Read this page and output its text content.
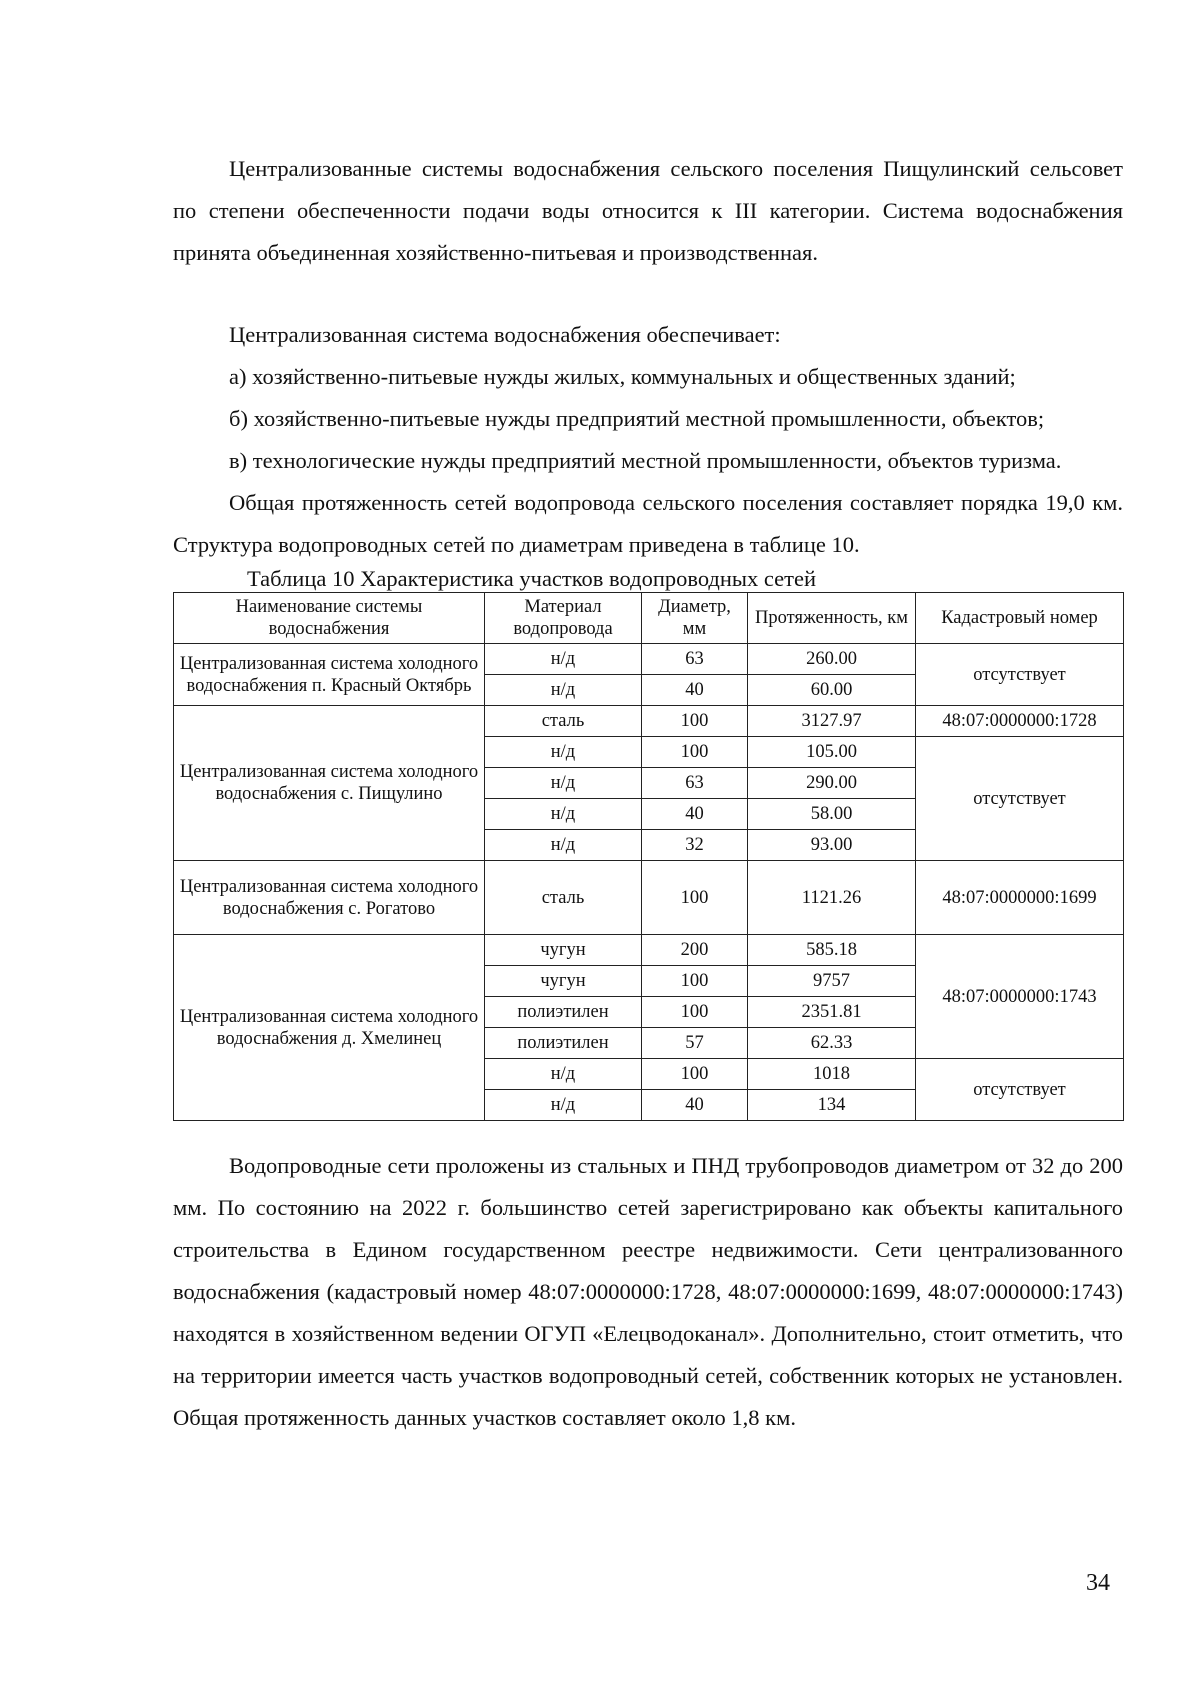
Централизованные системы водоснабжения сельского поселения Пищулинский сельсовет по степени обеспеченности подачи воды относится к III категории. Система водоснабжения принята объединенная хозяйственно-питьевая и производственная.

Централизованная система водоснабжения обеспечивает:

а) хозяйственно-питьевые нужды жилых, коммунальных и общественных зданий;

б) хозяйственно-питьевые нужды предприятий местной промышленности, объектов;

в) технологические нужды предприятий местной промышленности, объектов туризма.

Общая протяженность сетей водопровода сельского поселения составляет порядка 19,0 км. Структура водопроводных сетей по диаметрам приведена в таблице 10.

Таблица 10 Характеристика участков водопроводных сетей

Наименование системы водоснабжения	Материал водопровода	Диаметр, мм	Протяженность, км	Кадастровый номер
Централизованная система холодного водоснабжения п. Красный Октябрь	н/д	63	260.00	отсутствует
	н/д	40	60.00	
Централизованная система холодного водоснабжения с. Пищулино	сталь	100	3127.97	48:07:0000000:1728
	н/д	100	105.00	отсутствует
	н/д	63	290.00	
	н/д	40	58.00	
	н/д	32	93.00	
Централизованная система холодного водоснабжения с. Рогатово	сталь	100	1121.26	48:07:0000000:1699
Централизованная система холодного водоснабжения д. Хмелинец	чугун	200	585.18	48:07:0000000:1743
	чугун	100	9757	
	полиэтилен	100	2351.81	
	полиэтилен	57	62.33	
	н/д	100	1018	отсутствует
	н/д	40	134	

Водопроводные сети проложены из стальных и ПНД трубопроводов диаметром от 32 до 200 мм. По состоянию на 2022 г. большинство сетей зарегистрировано как объекты капитального строительства в Едином государственном реестре недвижимости. Сети централизованного водоснабжения (кадастровый номер 48:07:0000000:1728, 48:07:0000000:1699, 48:07:0000000:1743) находятся в хозяйственном ведении ОГУП «Елецводоканал». Дополнительно, стоит отметить, что на территории имеется часть участков водопроводный сетей, собственник которых не установлен. Общая протяженность данных участков составляет около 1,8 км.

34
